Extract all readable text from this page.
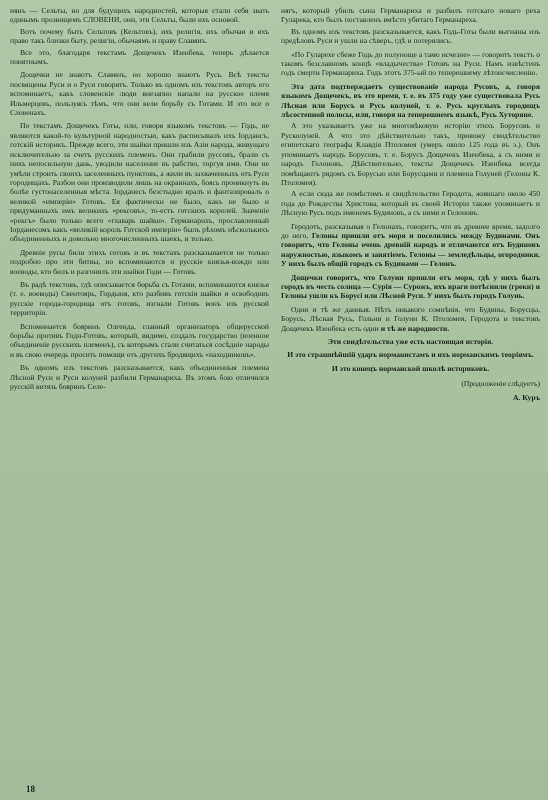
иянъ — Сельты, но для будущихъ народностей, которыя стали себя звать единымъ прозвищемъ СЛОВЕНИ, они, эти Сельты, были ихъ основой.

Вотъ почему быть Сельтовъ (Кельтовъ), ихъ религія, ихъ обычаи и ихъ право такъ близки быту, религіи, обычаямъ и праву Славянъ.

Все это, благодаря текстамъ Дощечекъ Изенбека, теперь дѣлается понятнымъ.

Дощечки не знаютъ Славянъ, но хорошо знаютъ Русь. Всѣ тексты посвящены Руси и о Руси говорятъ. Только въ одномъ изъ текстовъ авторъ его вспоминаетъ, какъ словенскіе люди внезапно напали на русское племя Ильмерцевъ, пользуясь тѣмъ, что они вели борьбу съ Готами. И это все о Словенахъ.

По текстамъ Дощечекъ Готы, или, говоря языкомъ текстовъ — Годь, не являются какой-то культурной народностью, какъ расписывалъ ихъ Іордансъ, готскій историкъ. Прежде всего, эти шайки пришли изъ Азіи народа, живущаго исключительно за счетъ русскихъ племенъ. Они грабили руссовъ, брали съ нихъ непосильную дань, уводили население въ рабство, торгуя ими. Они не умѣли строить своихъ заселенныхъ пунктовъ, а жили въ захваченныхъ отъ Руси городищахъ. Разбои они производили лишь на окраинахъ, боясь проникнуть въ болѣе густонаселенныя мѣста. Іорданесъ безстыдно вралъ и фантазировалъ о великой «имперіи» Готовъ. Ея фактически не было, какъ не было и придуманныхъ имъ великихъ «рексовъ», то-есть готскихъ королей. Значеніе «рексъ» было только всего «главарь шайки». Германарихъ, прославленный Іорданесомъ какъ «великій король Готской имперіи» былъ рѣхомъ нѣсколькихъ объединенныхъ и довольно многочисленныхъ шаекъ, и только.

Древніе русы били этихъ готовъ и въ текстахъ разсказывается не только подробно про эти битвы, но вспоминаются и русскіе князья-вожди или воеводы, кто билъ и разгонялъ эти шайки Годи — Готовъ.

Въ радѣ текстовъ, гдѣ описывается борьба съ Готами, вспоминаются князья (т. е. воеводы) Свентоярь, Гордыня, кто разбивъ готскія шайки и освободивъ русскіе города-городища отъ готовъ, изгнали Готовъ вонъ изъ русской территоріи.

Вспоминается бояринъ Олгенда, главный организаторъ общерусской борьбы противъ Годи-Готовъ, который, видимо, создалъ государство (военное объединеніе русскихъ племенъ), съ которымъ стали считаться сосѣдніе народы и въ свою очередь просить помощи отъ другихъ бродящихъ «находниковъ».

Въ одномъ изъ текстовъ разсказывается, какъ объединенныя племена Лѣсной Руси и Руси колуней разбили Германариха. Въ этомъ бою отличился русскій витязь бояринъ Селе-

нягъ, который убилъ сына Германариха и разбилъ готскаго новаго реха Гуларека, кто былъ поставленъ вмѣсто убитаго Германареха.

Въ одномъ изъ текстовъ разсказывается, какъ Годь-Готы были выгнаны изъ предѣловъ Руси и ушли на сѣверъ, гдѣ и потерялись.

«По Гуларехе сбеже Годь до полунощe а тамо исчезне» — говоритъ текстъ о такомъ безславномъ концѣ «владычества» Готовъ на Руси. Намъ извѣстенъ годъ смерти Германариха. Годъ этотъ 375-ый по теперешнему лѣтоисчисленію.

Эта дата подтверждаетъ существованіе народа Русовъ, а, говоря языкомъ Дощечекъ, въ это время, т. е. въ 375 году уже существовала Русь Лѣсная или Борусъ и Русь колуней, т. е. Русь круглыхъ городищъ лѣсостепной полосы, или, говоря на теперешнемъ языкѣ, Русь Хуторяне.

А это указываетъ уже на многовѣковую исторію этихъ Борусовъ и Русколуней. А что это дѣйствительно такъ, привожу свидѣтельство египетскаго географа Клавдія Птоломея (умеръ около 125 года въ э.). Онъ упоминаетъ народъ Борусовъ, т. е. Борусъ Дощечекъ Изенбека, а съ ними и народъ Гелоновъ. Дѣйствительно, тексты Дощечекъ Изенбека всегда помѣщаютъ рядомъ съ Борусью или Борусцами и племена Голуней (Гелоны К. Птоломея).

А если сюда же помѣстимъ и свидѣтельство Геродота, жившаго около 450 года до Рождества Христова, который въ своей Исторіи также упоминаетъ и Лѣсную Русь подъ именемъ Будиновъ, а съ ними и Гелоновъ.

Геродотъ, разсказывая о Гелонахъ, говоритъ, что въ древнее время, задолго до него, Гелоны пришли отъ моря и поселились между Будинами. Онъ говоритъ, что Гелоны очень древній народъ и отличаются отъ Будиновъ наружностью, языкомъ и занятіемъ. Гелоны — земледѣльцы, огородники. У нихъ былъ общій городъ съ Будинами — Гелонъ.

Дощечки говорятъ, что Голуни пришли отъ моря, гдѣ у нихъ былъ городъ въ честь солнца — Сурія — Сурожъ, ихъ враги потѣснили (греки) и Гелоны ушли къ Борусі или Лѣсной Руси. У нихъ былъ городъ Голунь.

Одни и тѣ же данныя. Нѣтъ никакого сомнѣнія, что Будины, Борусцы, Борусь, Лѣсная Русь, Гольни и Голуни К. Птоломея, Геродота и текстовъ Дощечекъ Изенбека есть одни и тѣ же народности.

Эти свидѣтельства уже есть настоящая исторія.

И это страшнѣйшій ударъ норманистамъ и ихъ норманскимъ теоріямъ.

И это конецъ норманской школѣ историковъ.

(Продолженіе слѣдуетъ)

А. Куръ

18
